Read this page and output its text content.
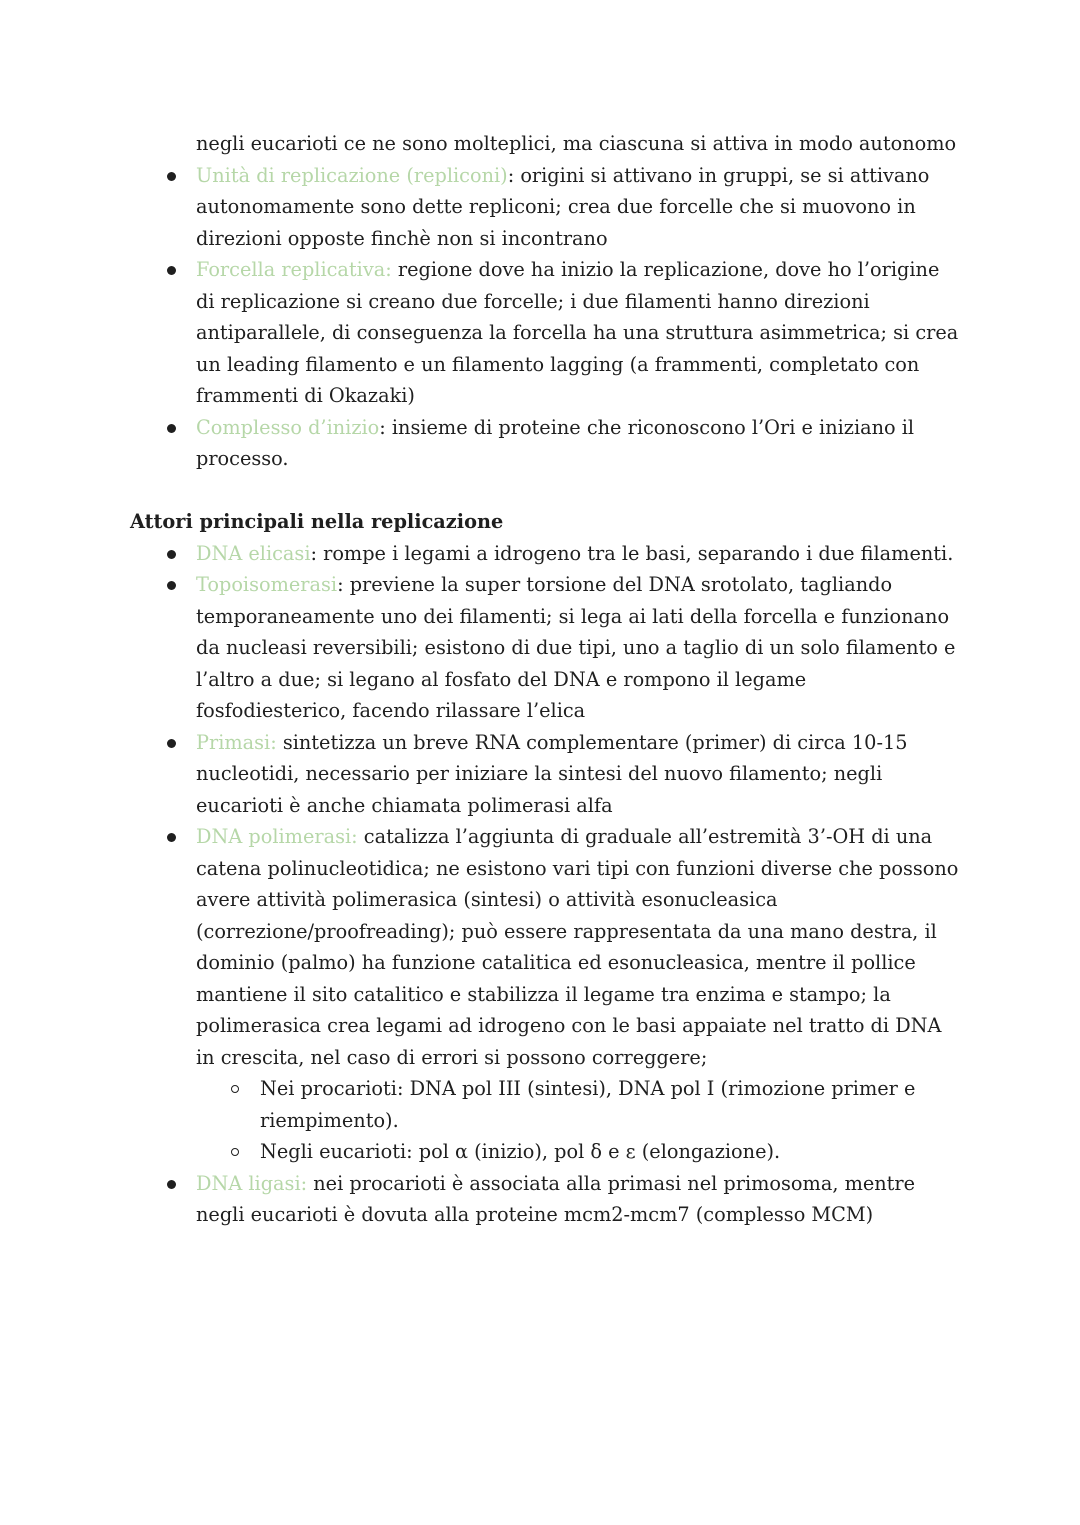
negli eucarioti ce ne sono molteplici, ma ciascuna si attiva in modo autonomo
Unità di replicazione (repliconi): origini si attivano in gruppi, se si attivano autonomamente sono dette repliconi; crea due forcelle che si muovono in direzioni opposte finchè non si incontrano
Forcella replicativa: regione dove ha inizio la replicazione, dove ho l’origine di replicazione si creano due forcelle; i due filamenti hanno direzioni antiparallele, di conseguenza la forcella ha una struttura asimmetrica; si crea un leading filamento e un filamento lagging (a frammenti, completato con frammenti di Okazaki)
Complesso d’inizio: insieme di proteine che riconoscono l’Ori e iniziano il processo.
Attori principali nella replicazione
DNA elicasi: rompe i legami a idrogeno tra le basi, separando i due filamenti.
Topoisomerasi: previene la super torsione del DNA srotolato, tagliando temporaneamente uno dei filamenti; si lega ai lati della forcella e funzionano da nucleasi reversibili; esistono di due tipi, uno a taglio di un solo filamento e l’altro a due; si legano al fosfato del DNA e rompono il legame fosfodiesterico, facendo rilassare l’elica
Primasi: sintetizza un breve RNA complementare (primer) di circa 10-15 nucleotidi, necessario per iniziare la sintesi del nuovo filamento; negli eucarioti è anche chiamata polimerasi alfa
DNA polimerasi: catalizza l’aggiunta di graduale all’estremità 3’-OH di una catena polinucleotidica; ne esistono vari tipi con funzioni diverse che possono avere attività polimerasica (sintesi) o attività esonucleasica (correzione/proofreading); può essere rappresentata da una mano destra, il dominio (palmo) ha funzione catalitica ed esonucleasica, mentre il pollice mantiene il sito catalitico e stabilizza il legame tra enzima e stampo; la polimerasica crea legami ad idrogeno con le basi appaiate nel tratto di DNA in crescita, nel caso di errori si possono correggere;
Nei procarioti: DNA pol III (sintesi), DNA pol I (rimozione primer e riempimento).
Negli eucarioti: pol α (inizio), pol δ e ε (elongazione).
DNA ligasi: nei procarioti è associata alla primasi nel primosoma, mentre negli eucarioti è dovuta alla proteine mcm2-mcm7 (complesso MCM)
